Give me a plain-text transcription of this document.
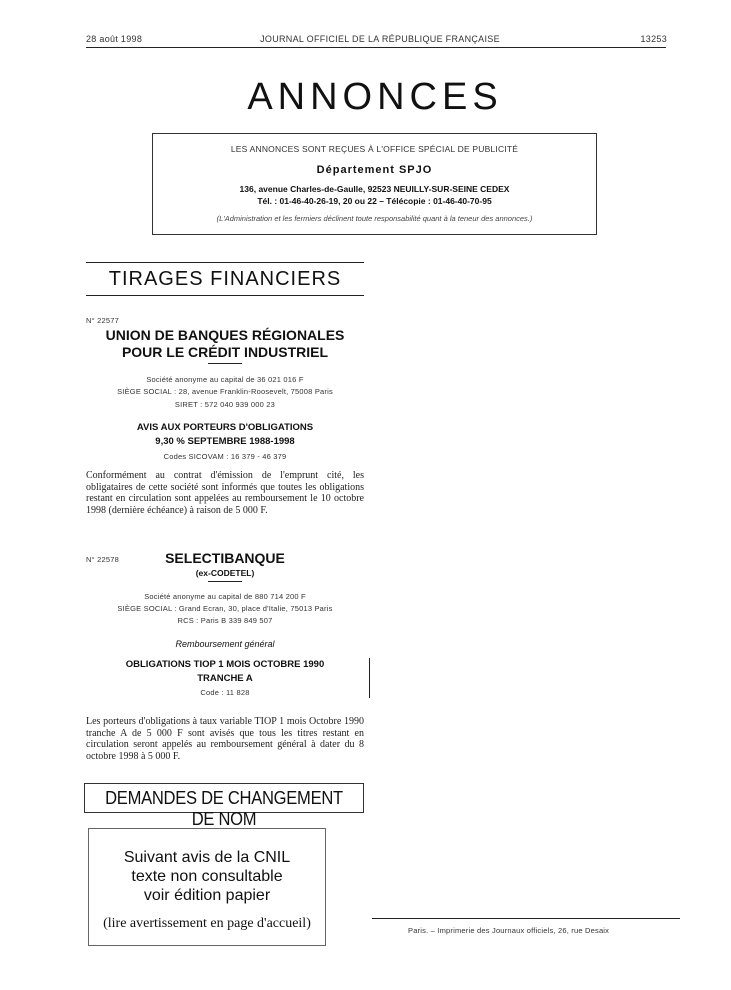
28 août 1998	JOURNAL OFFICIEL DE LA RÉPUBLIQUE FRANÇAISE	13253
ANNONCES
LES ANNONCES SONT REÇUES À L'OFFICE SPÉCIAL DE PUBLICITÉ
Département SPJO
136, avenue Charles-de-Gaulle, 92523 NEUILLY-SUR-SEINE CEDEX
Tél. : 01-46-40-26-19, 20 ou 22 – Télécopie : 01-46-40-70-95
(L'Administration et les fermiers déclinent toute responsabilité quant à la teneur des annonces.)
TIRAGES FINANCIERS
N° 22577
UNION DE BANQUES RÉGIONALES
POUR LE CRÉDIT INDUSTRIEL
Société anonyme au capital de 36 021 016 F
SIÈGE SOCIAL : 28, avenue Franklin-Roosevelt, 75008 Paris
SIRET : 572 040 939 000 23
AVIS AUX PORTEURS D'OBLIGATIONS
9,30 % SEPTEMBRE 1988-1998
Codes SICOVAM : 16 379 - 46 379
Conformément au contrat d'émission de l'emprunt cité, les obligataires de cette société sont informés que toutes les obligations restant en circulation sont appelées au remboursement le 10 octobre 1998 (dernière échéance) à raison de 5 000 F.
N° 22578	SELECTIBANQUE
(ex-CODETEL)
Société anonyme au capital de 880 714 200 F
SIÈGE SOCIAL : Grand Ecran, 30, place d'Italie, 75013 Paris
RCS : Paris B 339 849 507
Remboursement général
OBLIGATIONS TIOP 1 MOIS OCTOBRE 1990
TRANCHE A
Code : 11 828
Les porteurs d'obligations à taux variable TIOP 1 mois Octobre 1990 tranche A de 5 000 F sont avisés que tous les titres restant en circulation seront appelés au remboursement général à dater du 8 octobre 1998 à 5 000 F.
DEMANDES DE CHANGEMENT DE NOM
Suivant avis de la CNIL
texte non consultable
voir édition papier
(lire avertissement en page d'accueil)	Paris. – Imprimerie des Journaux officiels, 26, rue Desaix
